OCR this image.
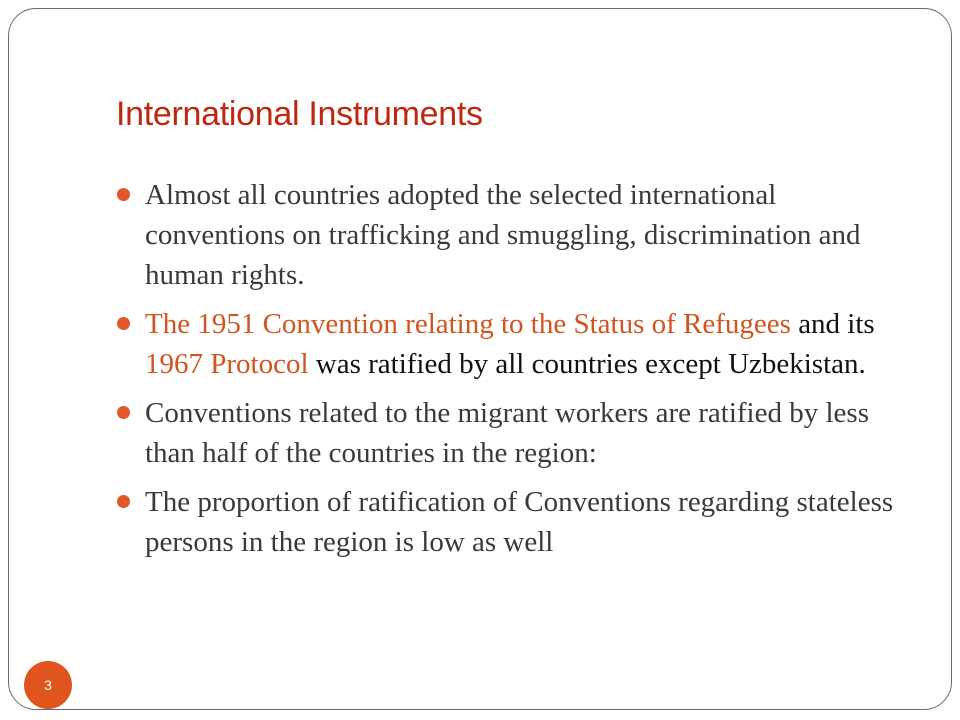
International Instruments
Almost all countries adopted the selected international conventions on trafficking and smuggling, discrimination and human rights.
The 1951 Convention relating to the Status of Refugees and its 1967 Protocol was ratified by all countries except Uzbekistan.
Conventions related to the migrant workers are ratified by less than half of the countries in the region:
The proportion of ratification of Conventions regarding stateless persons in the region is low as well
3
